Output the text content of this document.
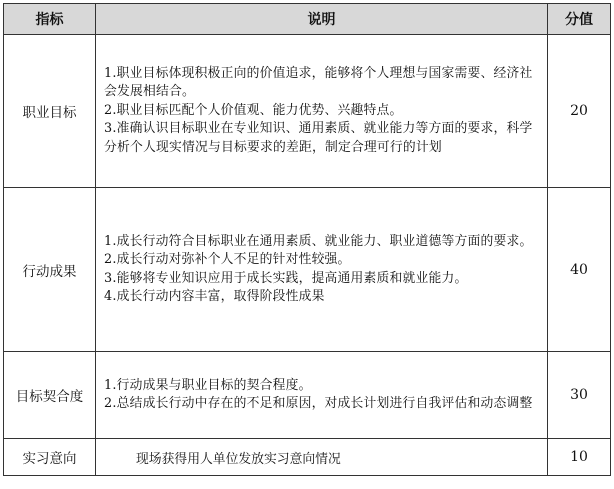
指标	说明	分值
职业目标	1.职业目标体现积极正向的价值追求，能够将个人理想与国家需要、经济社会发展相结合。

2.职业目标匹配个人价值观、能力优势、兴趣特点。

3.准确认识目标职业在专业知识、通用素质、就业能力等方面的要求，科学分析个人现实情况与目标要求的差距，制定合理可行的计划	20
行动成果	1.成长行动符合目标职业在通用素质、就业能力、职业道德等方面的要求。

2.成长行动对弥补个人不足的针对性较强。

3.能够将专业知识应用于成长实践，提高通用素质和就业能力。

4.成长行动内容丰富，取得阶段性成果	40
目标契合度	1.行动成果与职业目标的契合程度。

2.总结成长行动中存在的不足和原因，对成长计划进行自我评估和动态调整	30
实习意向	现场获得用人单位发放实习意向情况	10
